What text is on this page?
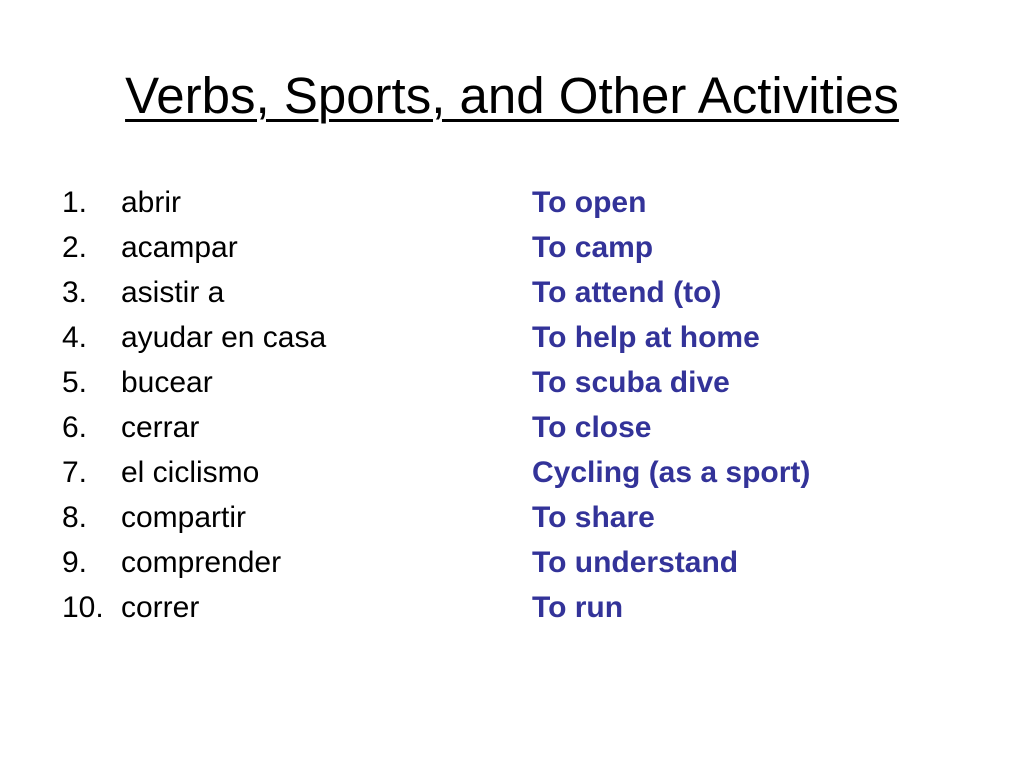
Verbs, Sports, and Other Activities
1. abrir	To open
2. acampar	To camp
3. asistir a	To attend (to)
4. ayudar en casa	To help at home
5. bucear	To scuba dive
6. cerrar	To close
7. el ciclismo	Cycling (as a sport)
8. compartir	To share
9. comprender	To understand
10. correr	To run
